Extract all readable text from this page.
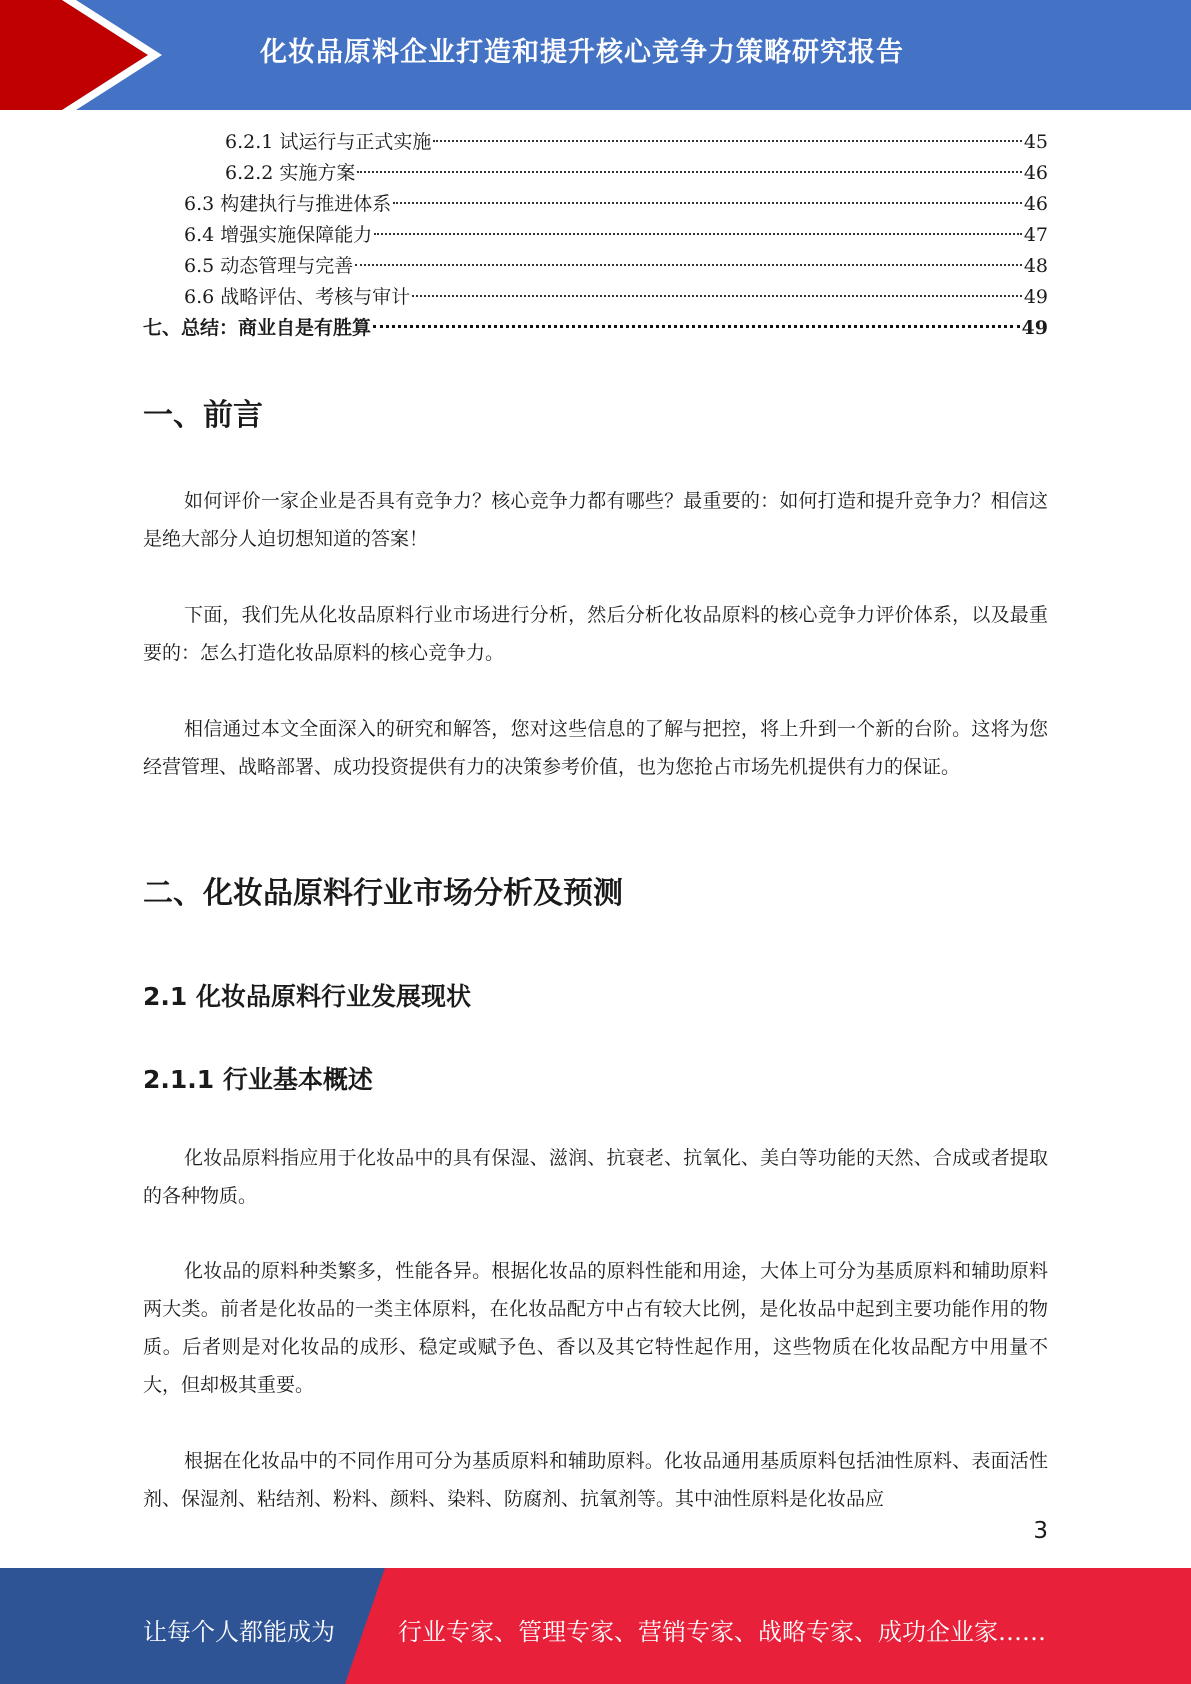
化妆品原料企业打造和提升核心竞争力策略研究报告
6.2.1 试运行与正式实施	45
6.2.2 实施方案	46
6.3 构建执行与推进体系	46
6.4 增强实施保障能力	47
6.5 动态管理与完善	48
6.6 战略评估、考核与审计	49
七、总结：商业自是有胜算	49
一、前言

如何评价一家企业是否具有竞争力？核心竞争力都有哪些？最重要的：如何打造和提升竞争力？相信这是绝大部分人迫切想知道的答案！

下面，我们先从化妆品原料行业市场进行分析，然后分析化妆品原料的核心竞争力评价体系，以及最重要的：怎么打造化妆品原料的核心竞争力。

相信通过本文全面深入的研究和解答，您对这些信息的了解与把控，将上升到一个新的台阶。这将为您经营管理、战略部署、成功投资提供有力的决策参考价值，也为您抢占市场先机提供有力的保证。

二、化妆品原料行业市场分析及预测
2.1 化妆品原料行业发展现状
2.1.1 行业基本概述

化妆品原料指应用于化妆品中的具有保湿、滋润、抗衰老、抗氧化、美白等功能的天然、合成或者提取的各种物质。

化妆品的原料种类繁多，性能各异。根据化妆品的原料性能和用途，大体上可分为基质原料和辅助原料两大类。前者是化妆品的一类主体原料，在化妆品配方中占有较大比例，是化妆品中起到主要功能作用的物质。后者则是对化妆品的成形、稳定或赋予色、香以及其它特性起作用，这些物质在化妆品配方中用量不大，但却极其重要。

根据在化妆品中的不同作用可分为基质原料和辅助原料。化妆品通用基质原料包括油性原料、表面活性剂、保湿剂、粘结剂、粉料、颜料、染料、防腐剂、抗氧剂等。其中油性原料是化妆品应

3
让每个人都能成为	行业专家、管理专家、营销专家、战略专家、成功企业家……
